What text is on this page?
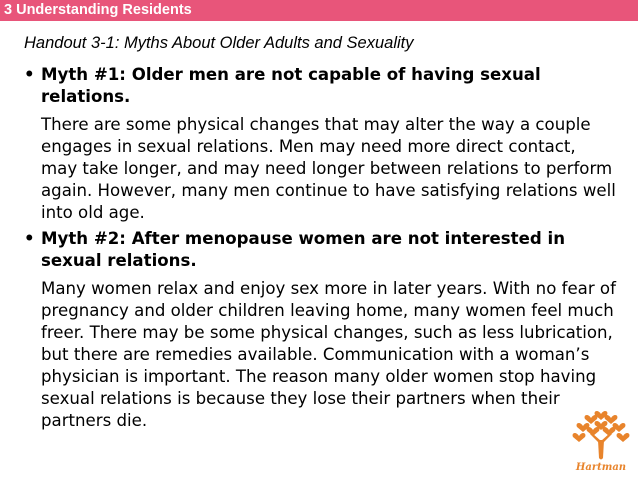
3 Understanding Residents
Handout 3-1: Myths About Older Adults and Sexuality
• Myth #1: Older men are not capable of having sexual relations.
There are some physical changes that may alter the way a couple engages in sexual relations. Men may need more direct contact, may take longer, and may need longer between relations to perform again. However, many men continue to have satisfying relations well into old age.
• Myth #2: After menopause women are not interested in sexual relations.
Many women relax and enjoy sex more in later years. With no fear of pregnancy and older children leaving home, many women feel much freer. There may be some physical changes, such as less lubrication, but there are remedies available. Communication with a woman’s physician is important. The reason many older women stop having sexual relations is because they lose their partners when their partners die.
Hartman
